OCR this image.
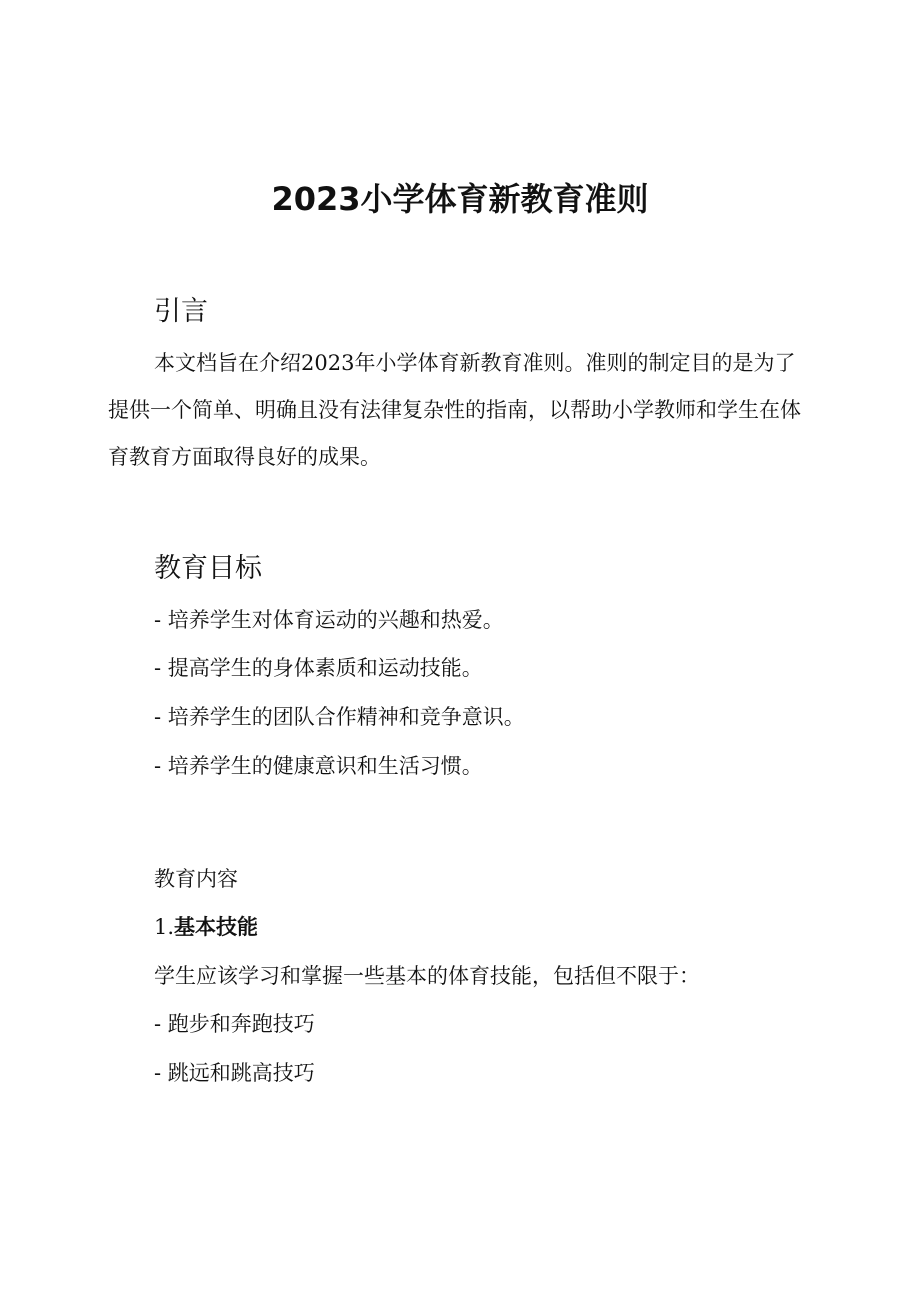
2023小学体育新教育准则
引言

本文档旨在介绍2023年小学体育新教育准则。准则的制定目的是为了提供一个简单、明确且没有法律复杂性的指南，以帮助小学教师和学生在体育教育方面取得良好的成果。

教育目标

- 培养学生对体育运动的兴趣和热爱。

- 提高学生的身体素质和运动技能。

- 培养学生的团队合作精神和竞争意识。

- 培养学生的健康意识和生活习惯。

教育内容

1.基本技能

学生应该学习和掌握一些基本的体育技能，包括但不限于：

- 跑步和奔跑技巧

- 跳远和跳高技巧
